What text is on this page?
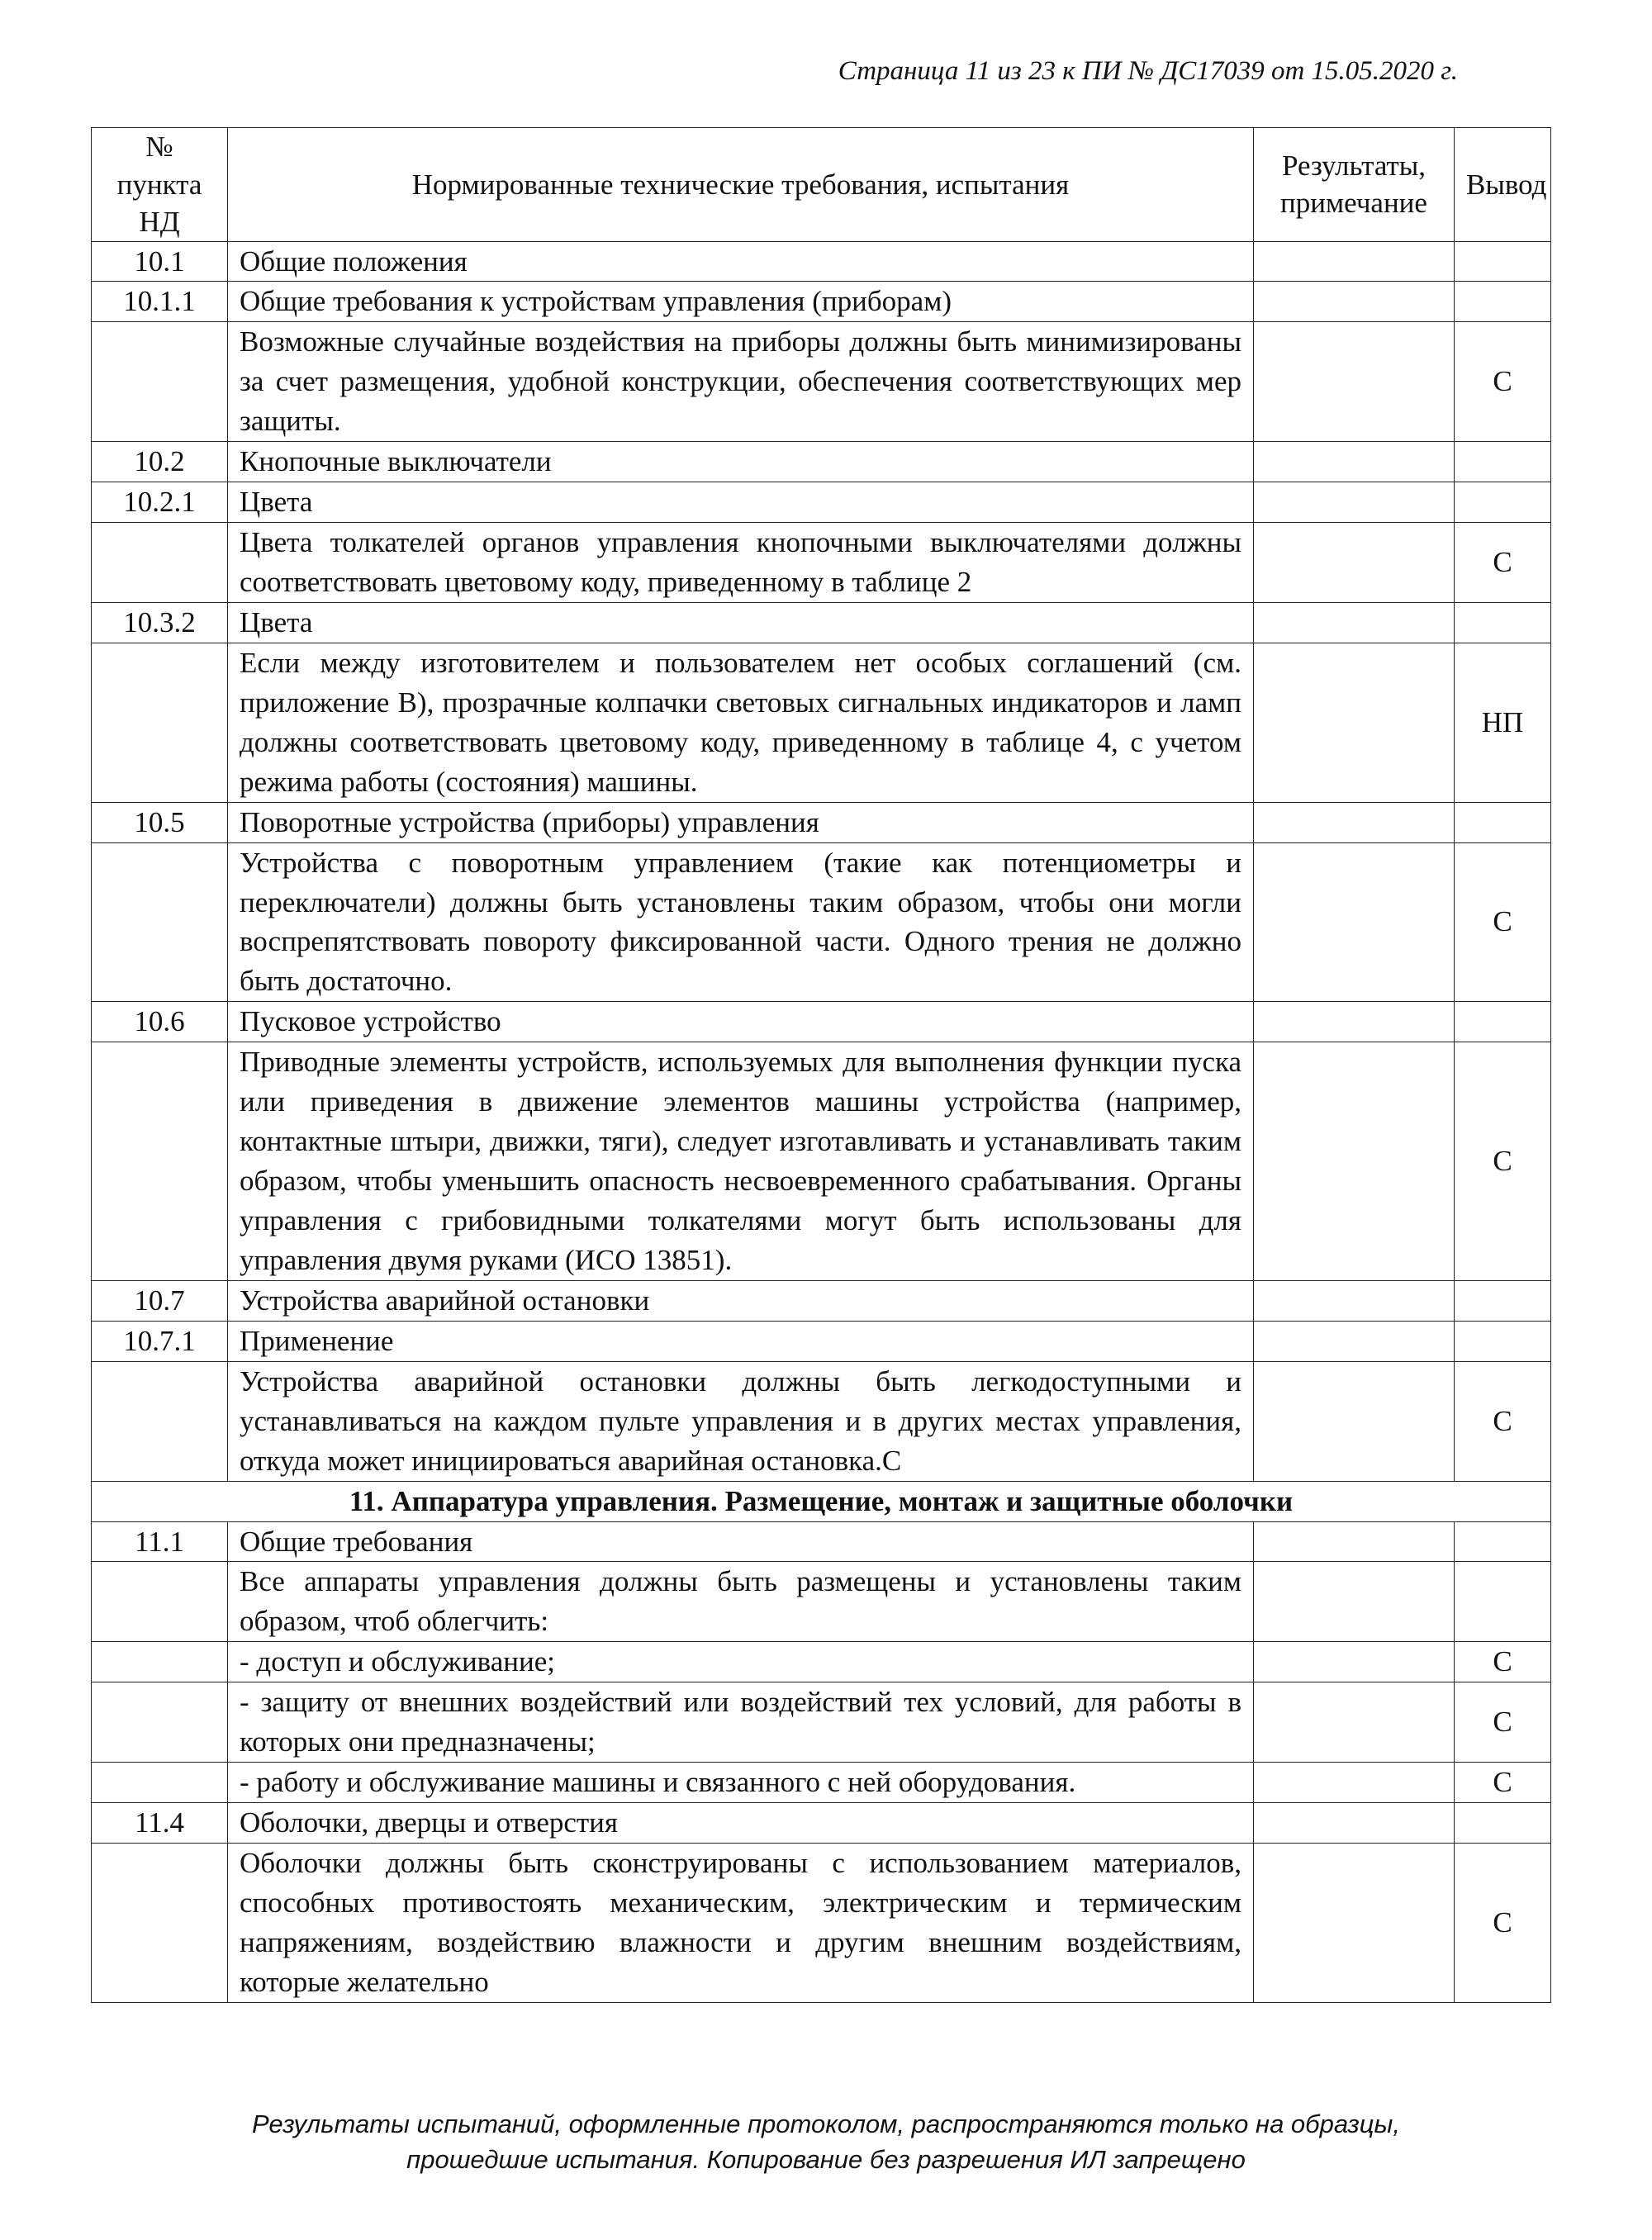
Страница 11 из 23 к ПИ № ДС17039 от 15.05.2020 г.
№ пункта НД	Нормированные технические требования, испытания	Результаты, примечание	Вывод
10.1	Общие положения		
10.1.1	Общие требования к устройствам управления (приборам)		
	Возможные случайные воздействия на приборы должны быть минимизированы за счет размещения, удобной конструкции, обеспечения соответствующих мер защиты.		С
10.2	Кнопочные выключатели		
10.2.1	Цвета		
	Цвета толкателей органов управления кнопочными выключателями должны соответствовать цветовому коду, приведенному в таблице 2		С
10.3.2	Цвета		
	Если между изготовителем и пользователем нет особых соглашений (см. приложение В), прозрачные колпачки световых сигнальных индикаторов и ламп должны соответствовать цветовому коду, приведенному в таблице 4, с учетом режима работы (состояния) машины.		НП
10.5	Поворотные устройства (приборы) управления		
	Устройства с поворотным управлением (такие как потенциометры и переключатели) должны быть установлены таким образом, чтобы они могли воспрепятствовать повороту фиксированной части. Одного трения не должно быть достаточно.		С
10.6	Пусковое устройство		
	Приводные элементы устройств, используемых для выполнения функции пуска или приведения в движение элементов машины устройства (например, контактные штыри, движки, тяги), следует изготавливать и устанавливать таким образом, чтобы уменьшить опасность несвоевременного срабатывания. Органы управления с грибовидными толкателями могут быть использованы для управления двумя руками (ИСО 13851).		С
10.7	Устройства аварийной остановки		
10.7.1	Применение		
	Устройства аварийной остановки должны быть легкодоступными и устанавливаться на каждом пульте управления и в других местах управления, откуда может инициироваться аварийная остановка.С		С
11. Аппаратура управления. Размещение, монтаж и защитные оболочки			
11.1	Общие требования		
	Все аппараты управления должны быть размещены и установлены таким образом, чтоб облегчить:		
	- доступ и обслуживание;		С
	- защиту от внешних воздействий или воздействий тех условий, для работы в которых они предназначены;		С
	- работу и обслуживание машины и связанного с ней оборудования.		С
11.4	Оболочки, дверцы и отверстия		
	Оболочки должны быть сконструированы с использованием материалов, способных противостоять механическим, электрическим и термическим напряжениям, воздействию влажности и другим внешним воздействиям, которые желательно		С
Результаты испытаний, оформленные протоколом, распространяются только на образцы,
прошедшие испытания. Копирование без разрешения ИЛ запрещено
